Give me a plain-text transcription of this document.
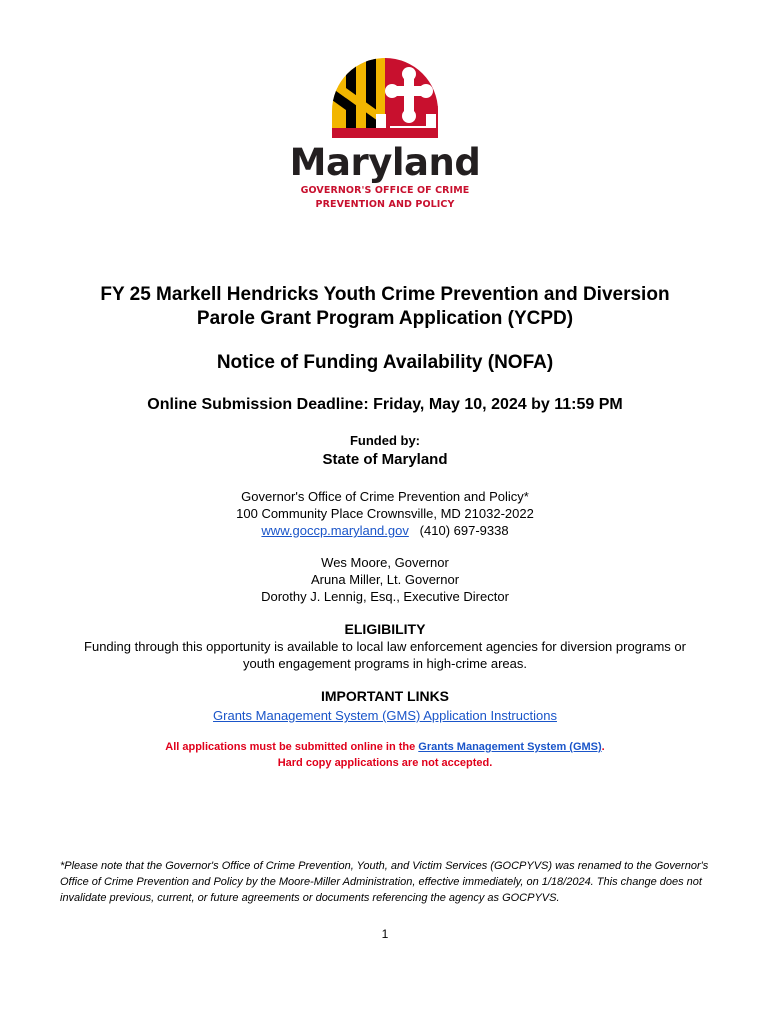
Maryland
GOVERNOR'S OFFICE OF CRIME
PREVENTION AND POLICY
FY 25 Markell Hendricks Youth Crime Prevention and Diversion
Parole Grant Program Application (YCPD)
Notice of Funding Availability (NOFA)
Online Submission Deadline: Friday, May 10, 2024 by 11:59 PM
Funded by:
State of Maryland
Governor's Office of Crime Prevention and Policy*
100 Community Place Crownsville, MD 21032-2022
www.goccp.maryland.gov (410) 697-9338
Wes Moore, Governor
Aruna Miller, Lt. Governor
Dorothy J. Lennig, Esq., Executive Director
ELIGIBILITY
Funding through this opportunity is available to local law enforcement agencies for diversion programs or
youth engagement programs in high-crime areas.
IMPORTANT LINKS
Grants Management System (GMS) Application Instructions
All applications must be submitted online in the Grants Management System (GMS).
Hard copy applications are not accepted.
*Please note that the Governor's Office of Crime Prevention, Youth, and Victim Services (GOCPYVS) was renamed to the Governor's Office of Crime Prevention and Policy by the Moore-Miller Administration, effective immediately, on 1/18/2024. This change does not invalidate previous, current, or future agreements or documents referencing the agency as GOCPYVS.
1
